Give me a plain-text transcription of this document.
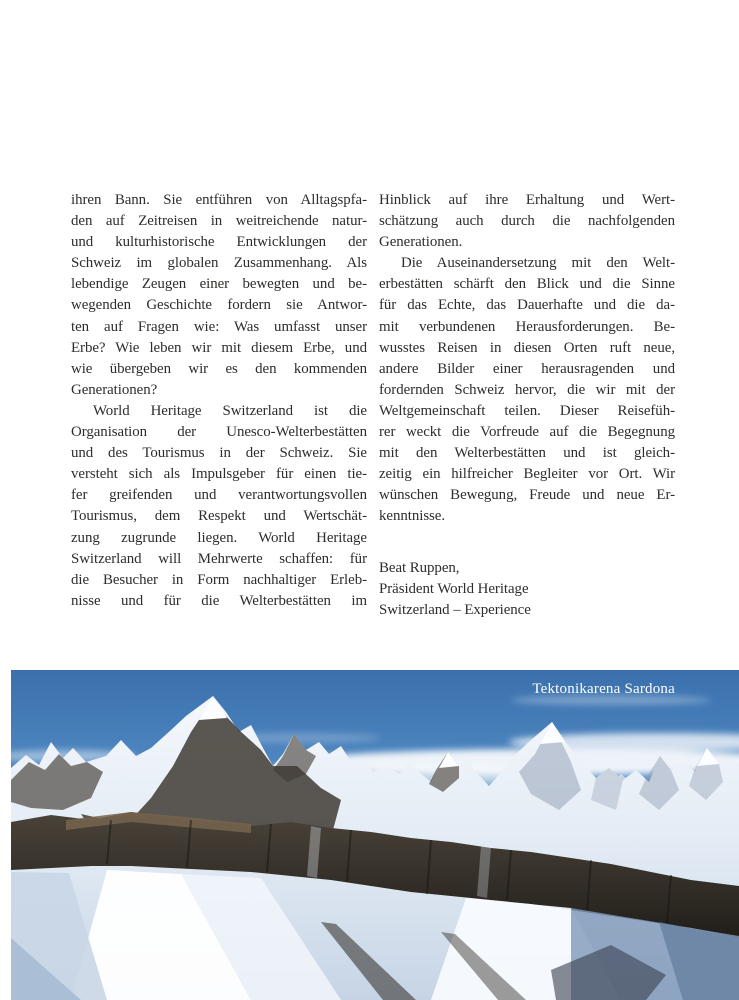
ihren Bann. Sie entführen von Alltagspfa-
den auf Zeitreisen in weitreichende natur-
und kulturhistorische Entwicklungen der
Schweiz im globalen Zusammenhang. Als
lebendige Zeugen einer bewegten und be-
wegenden Geschichte fordern sie Antwor-
ten auf Fragen wie: Was umfasst unser
Erbe? Wie leben wir mit diesem Erbe, und
wie übergeben wir es den kommenden
Generationen?
World Heritage Switzerland ist die
Organisation der Unesco-Welterbestätten
und des Tourismus in der Schweiz. Sie
versteht sich als Impulsgeber für einen tie-
fer greifenden und verantwortungsvollen
Tourismus, dem Respekt und Wertschät-
zung zugrunde liegen. World Heritage
Switzerland will Mehrwerte schaffen: für
die Besucher in Form nachhaltiger Erleb-
nisse und für die Welterbestätten im
Hinblick auf ihre Erhaltung und Wert-
schätzung auch durch die nachfolgenden
Generationen.
Die Auseinandersetzung mit den Welt-
erbestätten schärft den Blick und die Sinne
für das Echte, das Dauerhafte und die da-
mit verbundenen Herausforderungen. Be-
wusstes Reisen in diesen Orten ruft neue,
andere Bilder einer herausragenden und
fordernden Schweiz hervor, die wir mit der
Weltgemeinschaft teilen. Dieser Reisefüh-
rer weckt die Vorfreude auf die Begegnung
mit den Welterbestätten und ist gleich-
zeitig ein hilfreicher Begleiter vor Ort. Wir
wünschen Bewegung, Freude und neue Er-
kenntnisse.
Beat Ruppen,
Präsident World Heritage
Switzerland – Experience
Tektonikarena Sardona
